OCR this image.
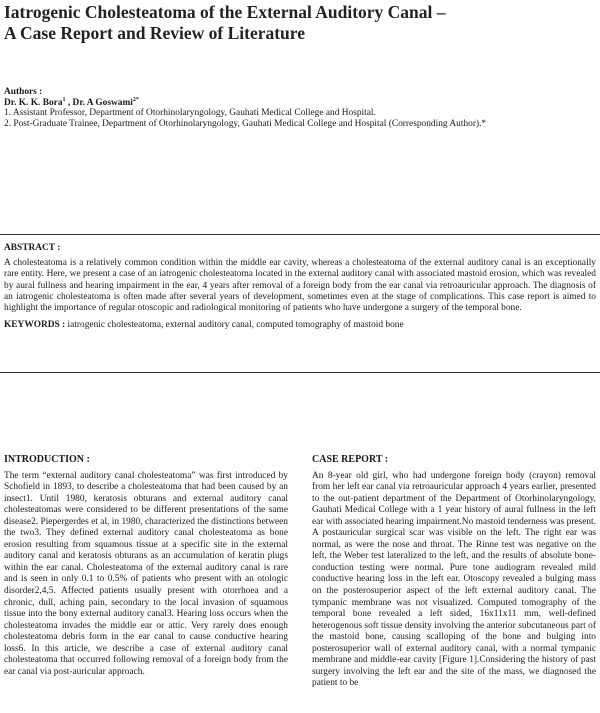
Iatrogenic Cholesteatoma of the External Auditory Canal –
A Case Report and Review of Literature
Authors :
Dr. K. K. Bora$^1$ , Dr. A Goswami$^{2*}$
1. Assistant Professor, Department of Otorhinolaryngology, Gauhati Medical College and Hospital.
2. Post-Graduate Trainee, Department of Otorhinolaryngology, Gauhati Medical College and Hospital (Corresponding Author).*
ABSTRACT :

A cholesteatoma is a relatively common condition within the middle ear cavity, whereas a cholesteatoma of the external auditory canal is an exceptionally rare entity. Here, we present a case of an iatrogenic cholesteatoma located in the external auditory canal with associated mastoid erosion, which was revealed by aural fullness and hearing impairment in the ear, 4 years after removal of a foreign body from the ear canal via retroauricular approach. The diagnosis of an iatrogenic cholesteatoma is often made after several years of development, sometimes even at the stage of complications. This case report is aimed to highlight the importance of regular otoscopic and radiological monitoring of patients who have undergone a surgery of the temporal bone.

KEYWORDS : iatrogenic cholesteatoma, external auditory canal, computed tomography of mastoid bone
INTRODUCTION :

The term “external auditory canal cholesteatoma” was first introduced by Schofield in 1893, to describe a cholesteatoma that had been caused by an insect1. Until 1980, keratosis obturans and external auditory canal cholesteatomas were considered to be different presentations of the same disease2. Piepergerdes et al, in 1980, characterized the distinctions between the two3. They defined external auditory canal cholesteatoma as bone erosion resulting from squamous tissue at a specific site in the external auditory canal and keratosis obturans as an accumulation of keratin plugs within the ear canal. Cholesteatoma of the external auditory canal is rare and is seen in only 0.1 to 0.5% of patients who present with an otologic disorder2,4,5. Affected patients usually present with otorrhoea and a chronic, dull, aching pain, secondary to the local invasion of squamous tissue into the bony external auditory canal3. Hearing loss occurs when the cholesteatoma invades the middle ear or attic. Very rarely does enough cholesteatoma debris form in the ear canal to cause conductive hearing loss6. In this article, we describe a case of external auditory canal cholesteatoma that occurred following removal of a foreign body from the ear canal via post-auricular approach.

CASE REPORT :

An 8-year old girl, who had undergone foreign body (crayon) removal from her left ear canal via retroauricular approach 4 years earlier, presented to the out-patient department of the Department of Otorhinolaryngology, Gauhati Medical College with a 1 year history of aural fullness in the left ear with associated hearing impairment.No mastoid tenderness was present. A postauricular surgical scar was visible on the left. The right ear was normal, as were the nose and throat. The Rinne test was negative on the left, the Weber test lateralized to the left, and the results of absolute bone-conduction testing were normal. Pure tone audiogram revealed mild conductive hearing loss in the left ear. Otoscopy revealed a bulging mass on the posterosuperior aspect of the left external auditory canal. The tympanic membrane was not visualized. Computed tomography of the temporal bone revealed a left sided, 16x11x11 mm, well-defined heterogenous soft tissue density involving the anterior subcutaneous part of the mastoid bone, causing scalloping of the bone and bulging into posterosuperior wall of external auditory canal, with a normal tympanic membrane and middle-ear cavity [Figure 1].Considering the history of past surgery involving the left ear and the site of the mass, we diagnosed the patient to be
